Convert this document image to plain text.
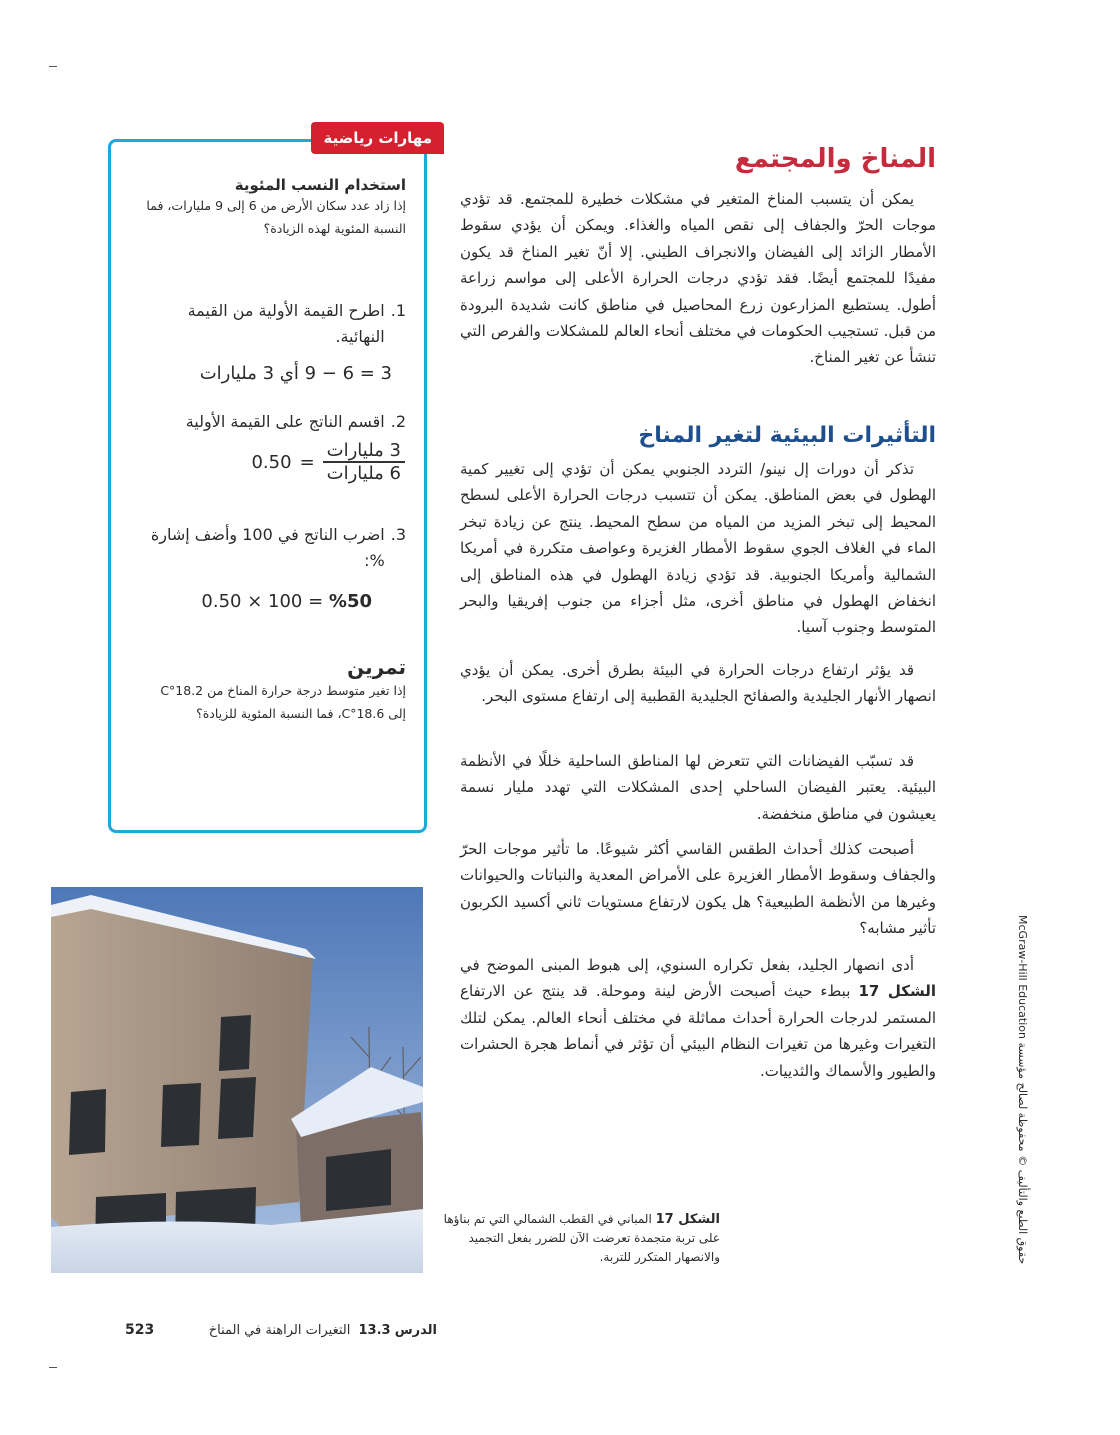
المناخ والمجتمع

يمكن أن يتسبب المناخ المتغير في مشكلات خطيرة للمجتمع. قد تؤدي موجات الحرّ والجفاف إلى نقص المياه والغذاء. ويمكن أن يؤدي سقوط الأمطار الزائد إلى الفيضان والانجراف الطيني. إلا أنّ تغير المناخ قد يكون مفيدًا للمجتمع أيضًا. فقد تؤدي درجات الحرارة الأعلى إلى مواسم زراعة أطول. يستطيع المزارعون زرع المحاصيل في مناطق كانت شديدة البرودة من قبل. تستجيب الحكومات في مختلف أنحاء العالم للمشكلات والفرص التي تنشأ عن تغير المناخ.

التأثيرات البيئية لتغير المناخ

تذكر أن دورات إل نينو/ التردد الجنوبي يمكن أن تؤدي إلى تغيير كمية الهطول في بعض المناطق. يمكن أن تتسبب درجات الحرارة الأعلى لسطح المحيط إلى تبخر المزيد من المياه من سطح المحيط. ينتج عن زيادة تبخر الماء في الغلاف الجوي سقوط الأمطار الغزيرة وعواصف متكررة في أمريكا الشمالية وأمريكا الجنوبية. قد تؤدي زيادة الهطول في هذه المناطق إلى انخفاض الهطول في مناطق أخرى، مثل أجزاء من جنوب إفريقيا والبحر المتوسط وجنوب آسيا.

قد يؤثر ارتفاع درجات الحرارة في البيئة بطرق أخرى. يمكن أن يؤدي انصهار الأنهار الجليدية والصفائح الجليدية القطبية إلى ارتفاع مستوى البحر.

قد تسبّب الفيضانات التي تتعرض لها المناطق الساحلية خللًا في الأنظمة البيئية. يعتبر الفيضان الساحلي إحدى المشكلات التي تهدد مليار نسمة يعيشون في مناطق منخفضة.

أصبحت كذلك أحداث الطقس القاسي أكثر شيوعًا. ما تأثير موجات الحرّ والجفاف وسقوط الأمطار الغزيرة على الأمراض المعدية والنباتات والحيوانات وغيرها من الأنظمة الطبيعية؟ هل يكون لارتفاع مستويات ثاني أكسيد الكربون تأثير مشابه؟

أدى انصهار الجليد، بفعل تكراره السنوي، إلى هبوط المبنى الموضح في الشكل 17 ببطء حيث أصبحت الأرض لينة وموحلة. قد ينتج عن الارتفاع المستمر لدرجات الحرارة أحداث مماثلة في مختلف أنحاء العالم. يمكن لتلك التغيرات وغيرها من تغيرات النظام البيئي أن تؤثر في أنماط هجرة الحشرات والطيور والأسماك والثدييات.

مهارات رياضية
استخدام النسب المئوية
إذا زاد عدد سكان الأرض من 6 إلى 9 مليارات، فما النسبة المئوية لهذه الزيادة؟
1.
اطرح القيمة الأولية من القيمة النهائية.
3 = 6 − 9 أي 3 مليارات
2.
اقسم الناتج على القيمة الأولية
$0.50 = \frac{\text{3 مليارات}}{\text{6 مليارات}}$
3.
اضرب الناتج في 100 وأضف إشارة %:
0.50 × 100 = %50
تمرين
إذا تغير متوسط درجة حرارة المناخ من 18.2°C إلى 18.6°C، فما النسبة المئوية للزيادة؟
الشكل 17 المباني في القطب الشمالي التي تم بناؤها على تربة متجمدة تعرضت الآن للضرر بفعل التجميد والانصهار المتكرر للتربة.
حقوق الطبع والتأليف © محفوظة لصالح مؤسسة McGraw-Hill Education
الدرس 13.3 التغيرات الراهنة في المناخ
523
